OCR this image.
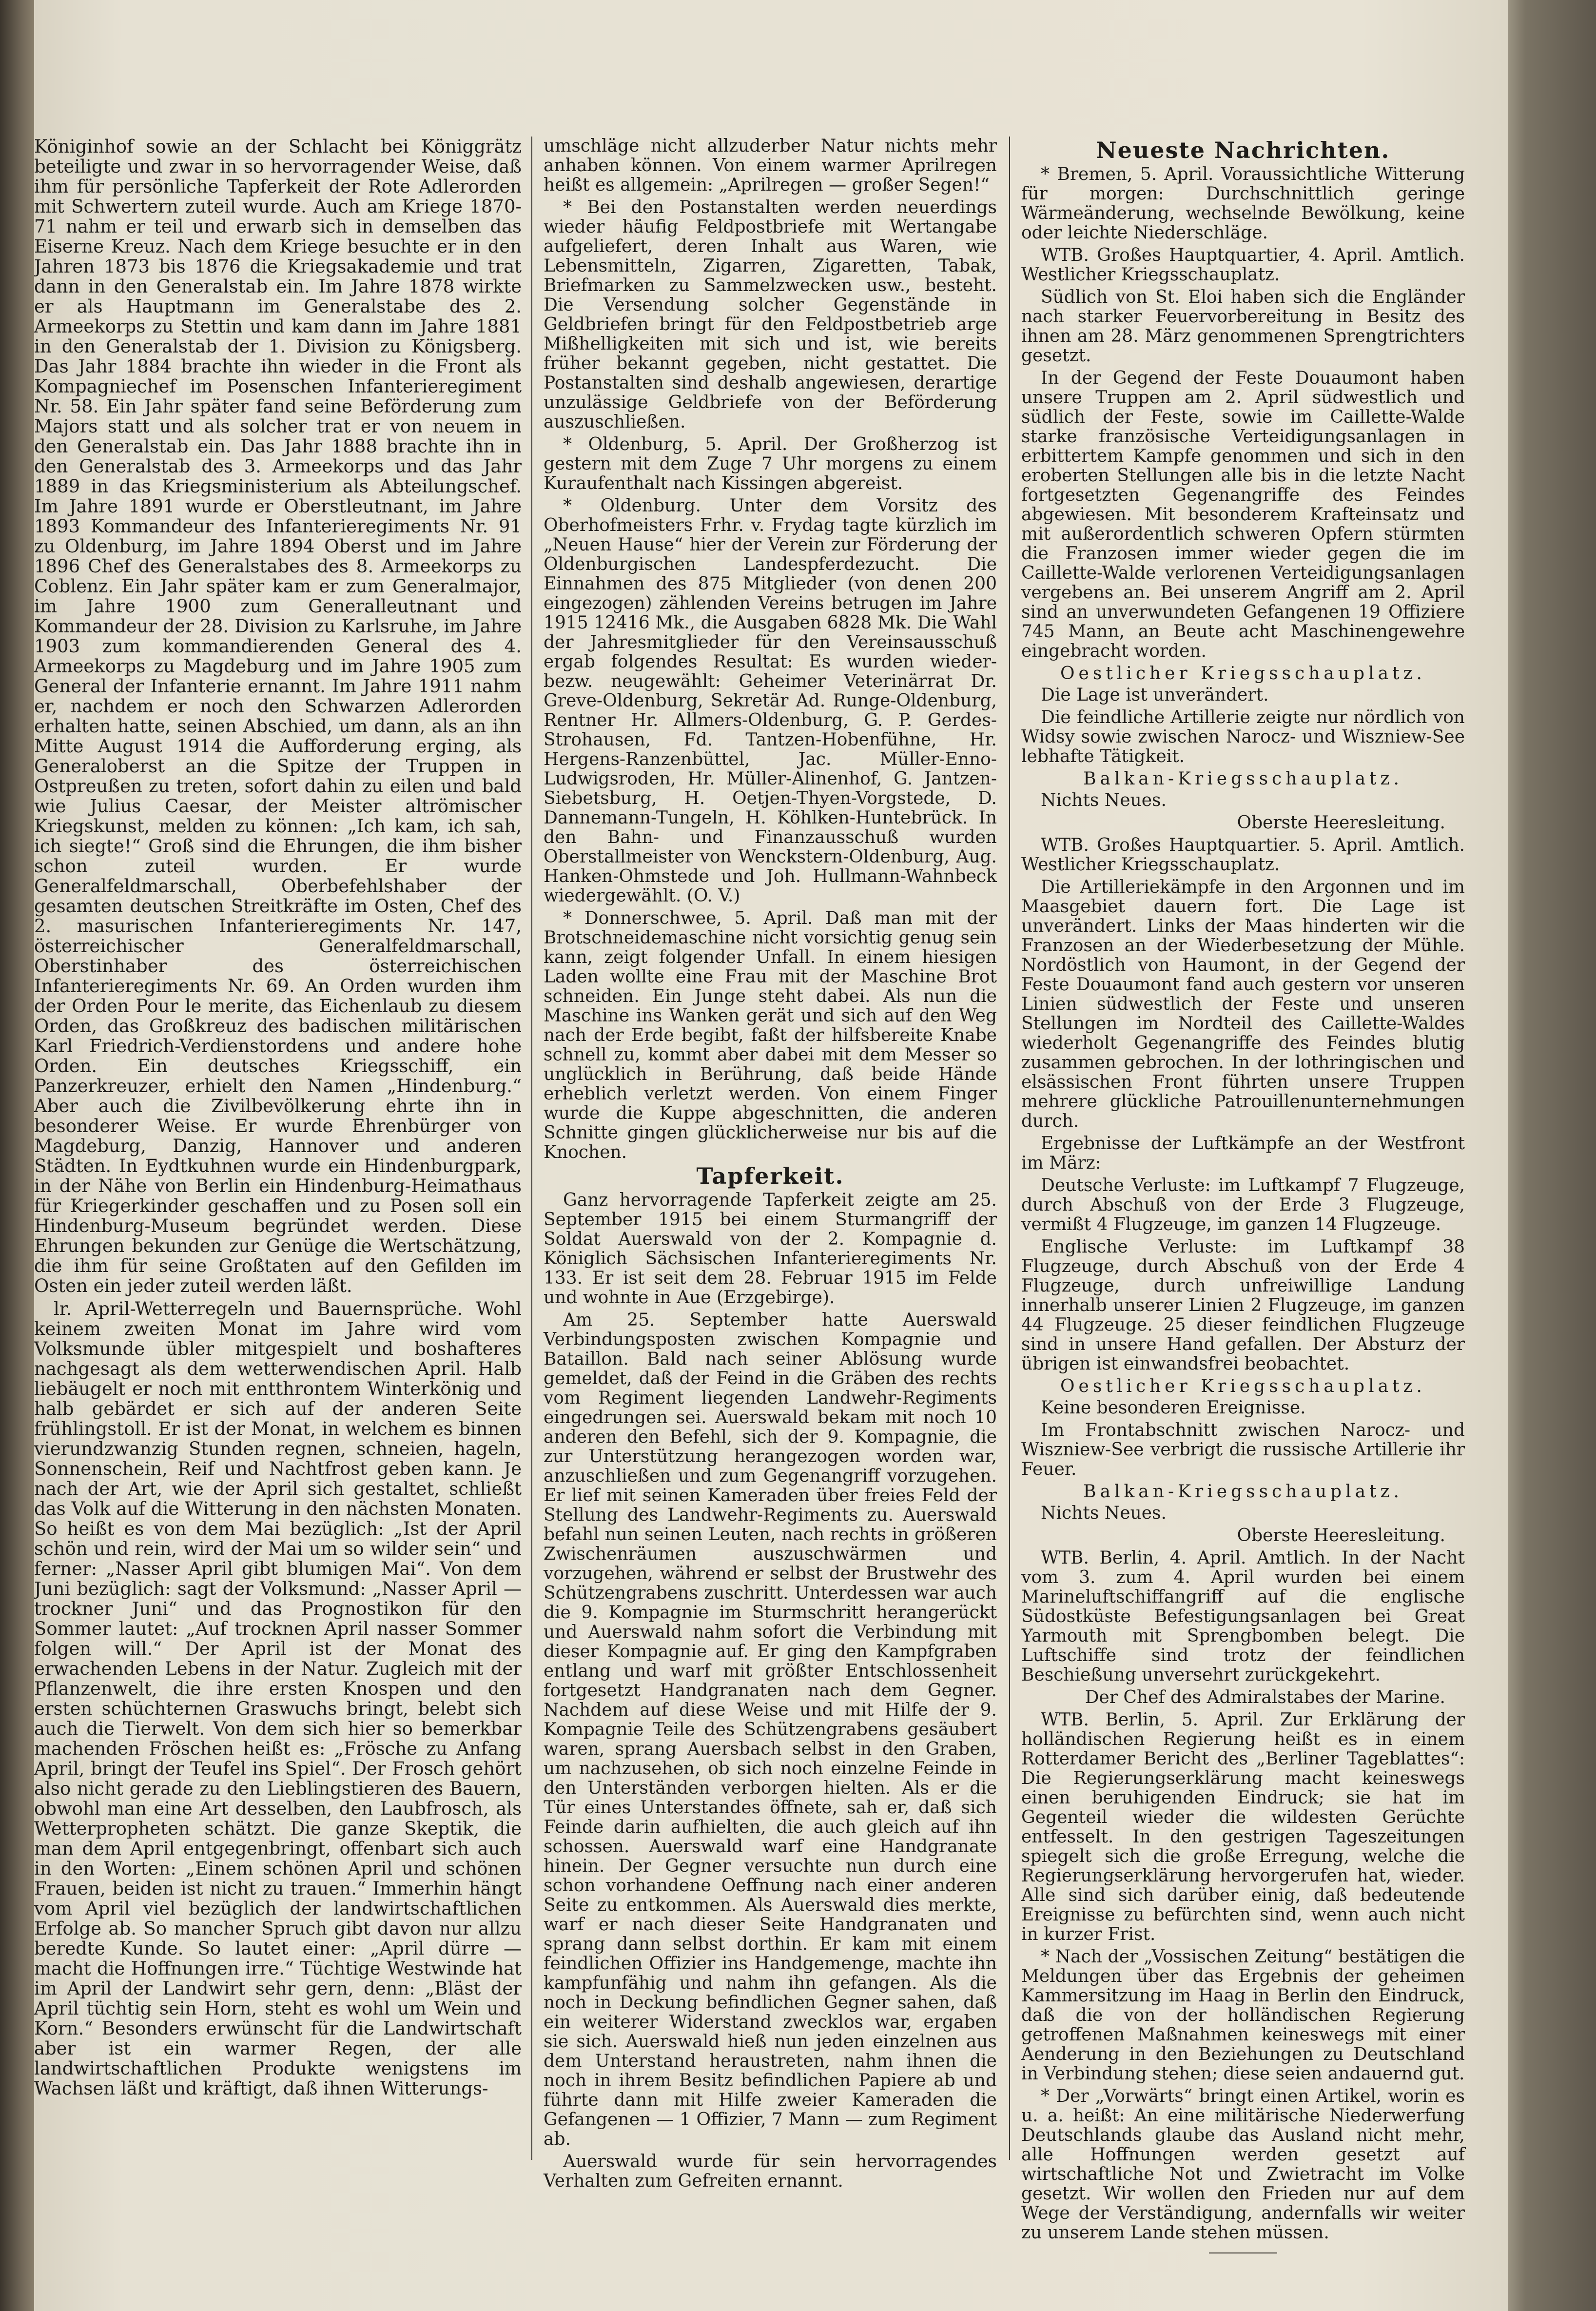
Königinhof sowie an der Schlacht bei Königgrätz beteiligte und zwar in so hervorragender Weise, daß ihm für persönliche Tapferkeit der Rote Adlerorden mit Schwertern zuteil wurde. Auch am Kriege 1870-71 nahm er teil und erwarb sich in demselben das Eiserne Kreuz. Nach dem Kriege besuchte er in den Jahren 1873 bis 1876 die Kriegsakademie und trat dann in den Generalstab ein. Im Jahre 1878 wirkte er als Hauptmann im Generalstabe des 2. Armeekorps zu Stettin und kam dann im Jahre 1881 in den Generalstab der 1. Division zu Königsberg. Das Jahr 1884 brachte ihn wieder in die Front als Kompagniechef im Posenschen Infanterieregiment Nr. 58. Ein Jahr später fand seine Beförderung zum Majors statt und als solcher trat er von neuem in den Generalstab ein. Das Jahr 1888 brachte ihn in den Generalstab des 3. Armeekorps und das Jahr 1889 in das Kriegsministerium als Abteilungschef. Im Jahre 1891 wurde er Oberstleutnant, im Jahre 1893 Kommandeur des Infanterieregiments Nr. 91 zu Oldenburg, im Jahre 1894 Oberst und im Jahre 1896 Chef des Generalstabes des 8. Armeekorps zu Coblenz. Ein Jahr später kam er zum Generalmajor, im Jahre 1900 zum Generalleutnant und Kommandeur der 28. Division zu Karlsruhe, im Jahre 1903 zum kommandierenden General des 4. Armeekorps zu Magdeburg und im Jahre 1905 zum General der Infanterie ernannt. Im Jahre 1911 nahm er, nachdem er noch den Schwarzen Adlerorden erhalten hatte, seinen Abschied, um dann, als an ihn Mitte August 1914 die Aufforderung erging, als Generaloberst an die Spitze der Truppen in Ostpreußen zu treten, sofort dahin zu eilen und bald wie Julius Caesar, der Meister altrömischer Kriegskunst, melden zu können: „Ich kam, ich sah, ich siegte!“ Groß sind die Ehrungen, die ihm bisher schon zuteil wurden. Er wurde Generalfeldmarschall, Oberbefehlshaber der gesamten deutschen Streitkräfte im Osten, Chef des 2. masurischen Infanterieregiments Nr. 147, österreichischer Generalfeldmarschall, Oberstinhaber des österreichischen Infanterieregiments Nr. 69. An Orden wurden ihm der Orden Pour le merite, das Eichenlaub zu diesem Orden, das Großkreuz des badischen militärischen Karl Friedrich-Verdienstordens und andere hohe Orden. Ein deutsches Kriegsschiff, ein Panzerkreuzer, erhielt den Namen „Hindenburg.“ Aber auch die Zivilbevölkerung ehrte ihn in besonderer Weise. Er wurde Ehrenbürger von Magdeburg, Danzig, Hannover und anderen Städten. In Eydtkuhnen wurde ein Hindenburgpark, in der Nähe von Berlin ein Hindenburg-Heimathaus für Kriegerkinder geschaffen und zu Posen soll ein Hindenburg-Museum begründet werden. Diese Ehrungen bekunden zur Genüge die Wertschätzung, die ihm für seine Großtaten auf den Gefilden im Osten ein jeder zuteil werden läßt.

lr. April-Wetterregeln und Bauernsprüche. Wohl keinem zweiten Monat im Jahre wird vom Volksmunde übler mitgespielt und boshafteres nachgesagt als dem wetterwendischen April. Halb liebäugelt er noch mit entthrontem Winterkönig und halb gebärdet er sich auf der anderen Seite frühlingstoll. Er ist der Monat, in welchem es binnen vierundzwanzig Stunden regnen, schneien, hageln, Sonnenschein, Reif und Nachtfrost geben kann. Je nach der Art, wie der April sich gestaltet, schließt das Volk auf die Witterung in den nächsten Monaten. So heißt es von dem Mai bezüglich: „Ist der April schön und rein, wird der Mai um so wilder sein“ und ferner: „Nasser April gibt blumigen Mai“. Von dem Juni bezüglich: sagt der Volksmund: „Nasser April — trockner Juni“ und das Prognostikon für den Sommer lautet: „Auf trocknen April nasser Sommer folgen will.“ Der April ist der Monat des erwachenden Lebens in der Natur. Zugleich mit der Pflanzenwelt, die ihre ersten Knospen und den ersten schüchternen Graswuchs bringt, belebt sich auch die Tierwelt. Von dem sich hier so bemerkbar machenden Fröschen heißt es: „Frösche zu Anfang April, bringt der Teufel ins Spiel“. Der Frosch gehört also nicht gerade zu den Lieblingstieren des Bauern, obwohl man eine Art desselben, den Laubfrosch, als Wetterpropheten schätzt. Die ganze Skeptik, die man dem April entgegenbringt, offenbart sich auch in den Worten: „Einem schönen April und schönen Frauen, beiden ist nicht zu trauen.“ Immerhin hängt vom April viel bezüglich der landwirtschaftlichen Erfolge ab. So mancher Spruch gibt davon nur allzu beredte Kunde. So lautet einer: „April dürre — macht die Hoffnungen irre.“ Tüchtige Westwinde hat im April der Landwirt sehr gern, denn: „Bläst der April tüchtig sein Horn, steht es wohl um Wein und Korn.“ Besonders erwünscht für die Landwirtschaft aber ist ein warmer Regen, der alle landwirtschaftlichen Produkte wenigstens im Wachsen läßt und kräftigt, daß ihnen Witterungs-

umschläge nicht allzuderber Natur nichts mehr anhaben können. Von einem warmer Aprilregen heißt es allgemein: „Aprilregen — großer Segen!“

* Bei den Postanstalten werden neuerdings wieder häufig Feldpostbriefe mit Wertangabe aufgeliefert, deren Inhalt aus Waren, wie Lebensmitteln, Zigarren, Zigaretten, Tabak, Briefmarken zu Sammelzwecken usw., besteht. Die Versendung solcher Gegenstände in Geldbriefen bringt für den Feldpostbetrieb arge Mißhelligkeiten mit sich und ist, wie bereits früher bekannt gegeben, nicht gestattet. Die Postanstalten sind deshalb angewiesen, derartige unzulässige Geldbriefe von der Beförderung auszuschließen.

* Oldenburg, 5. April. Der Großherzog ist gestern mit dem Zuge 7 Uhr morgens zu einem Kuraufenthalt nach Kissingen abgereist.

* Oldenburg. Unter dem Vorsitz des Oberhofmeisters Frhr. v. Frydag tagte kürzlich im „Neuen Hause“ hier der Verein zur Förderung der Oldenburgischen Landespferdezucht. Die Einnahmen des 875 Mitglieder (von denen 200 eingezogen) zählenden Vereins betrugen im Jahre 1915 12416 Mk., die Ausgaben 6828 Mk. Die Wahl der Jahresmitglieder für den Vereinsausschuß ergab folgendes Resultat: Es wurden wieder- bezw. neugewählt: Geheimer Veterinärrat Dr. Greve-Oldenburg, Sekretär Ad. Runge-Oldenburg, Rentner Hr. Allmers-Oldenburg, G. P. Gerdes-Strohausen, Fd. Tantzen-Hobenfühne, Hr. Hergens-Ranzenbüttel, Jac. Müller-Enno-Ludwigsroden, Hr. Müller-Alinenhof, G. Jantzen-Siebetsburg, H. Oetjen-Thyen-Vorgstede, D. Dannemann-Tungeln, H. Köhlken-Huntebrück. In den Bahn- und Finanzausschuß wurden Oberstallmeister von Wenckstern-Oldenburg, Aug. Hanken-Ohmstede und Joh. Hullmann-Wahnbeck wiedergewählt. (O. V.)

* Donnerschwee, 5. April. Daß man mit der Brotschneidemaschine nicht vorsichtig genug sein kann, zeigt folgender Unfall. In einem hiesigen Laden wollte eine Frau mit der Maschine Brot schneiden. Ein Junge steht dabei. Als nun die Maschine ins Wanken gerät und sich auf den Weg nach der Erde begibt, faßt der hilfsbereite Knabe schnell zu, kommt aber dabei mit dem Messer so unglücklich in Berührung, daß beide Hände erheblich verletzt werden. Von einem Finger wurde die Kuppe abgeschnitten, die anderen Schnitte gingen glücklicherweise nur bis auf die Knochen.

Tapferkeit.

Ganz hervorragende Tapferkeit zeigte am 25. September 1915 bei einem Sturmangriff der Soldat Auerswald von der 2. Kompagnie d. Königlich Sächsischen Infanterieregiments Nr. 133. Er ist seit dem 28. Februar 1915 im Felde und wohnte in Aue (Erzgebirge).

Am 25. September hatte Auerswald Verbindungsposten zwischen Kompagnie und Bataillon. Bald nach seiner Ablösung wurde gemeldet, daß der Feind in die Gräben des rechts vom Regiment liegenden Landwehr-Regiments eingedrungen sei. Auerswald bekam mit noch 10 anderen den Befehl, sich der 9. Kompagnie, die zur Unterstützung herangezogen worden war, anzuschließen und zum Gegenangriff vorzugehen. Er lief mit seinen Kameraden über freies Feld der Stellung des Landwehr-Regiments zu. Auerswald befahl nun seinen Leuten, nach rechts in größeren Zwischenräumen auszuschwärmen und vorzugehen, während er selbst der Brustwehr des Schützengrabens zuschritt. Unterdessen war auch die 9. Kompagnie im Sturmschritt herangerückt und Auerswald nahm sofort die Verbindung mit dieser Kompagnie auf. Er ging den Kampfgraben entlang und warf mit größter Entschlossenheit fortgesetzt Handgranaten nach dem Gegner. Nachdem auf diese Weise und mit Hilfe der 9. Kompagnie Teile des Schützengrabens gesäubert waren, sprang Auersbach selbst in den Graben, um nachzusehen, ob sich noch einzelne Feinde in den Unterständen verborgen hielten. Als er die Tür eines Unterstandes öffnete, sah er, daß sich Feinde darin aufhielten, die auch gleich auf ihn schossen. Auerswald warf eine Handgranate hinein. Der Gegner versuchte nun durch eine schon vorhandene Oeffnung nach einer anderen Seite zu entkommen. Als Auerswald dies merkte, warf er nach dieser Seite Handgranaten und sprang dann selbst dorthin. Er kam mit einem feindlichen Offizier ins Handgemenge, machte ihn kampfunfähig und nahm ihn gefangen. Als die noch in Deckung befindlichen Gegner sahen, daß ein weiterer Widerstand zwecklos war, ergaben sie sich. Auerswald hieß nun jeden einzelnen aus dem Unterstand heraustreten, nahm ihnen die noch in ihrem Besitz befindlichen Papiere ab und führte dann mit Hilfe zweier Kameraden die Gefangenen — 1 Offizier, 7 Mann — zum Regiment ab.

Auerswald wurde für sein hervorragendes Verhalten zum Gefreiten ernannt.

Neueste Nachrichten.

* Bremen, 5. April. Voraussichtliche Witterung für morgen: Durchschnittlich geringe Wärmeänderung, wechselnde Bewölkung, keine oder leichte Niederschläge.

WTB. Großes Hauptquartier, 4. April. Amtlich. Westlicher Kriegsschauplatz.

Südlich von St. Eloi haben sich die Engländer nach starker Feuervorbereitung in Besitz des ihnen am 28. März genommenen Sprengtrichters gesetzt.

In der Gegend der Feste Douaumont haben unsere Truppen am 2. April südwestlich und südlich der Feste, sowie im Caillette-Walde starke französische Verteidigungsanlagen in erbittertem Kampfe genommen und sich in den eroberten Stellungen alle bis in die letzte Nacht fortgesetzten Gegenangriffe des Feindes abgewiesen. Mit besonderem Krafteinsatz und mit außerordentlich schweren Opfern stürmten die Franzosen immer wieder gegen die im Caillette-Walde verlorenen Verteidigungsanlagen vergebens an. Bei unserem Angriff am 2. April sind an unverwundeten Gefangenen 19 Offiziere 745 Mann, an Beute acht Maschinengewehre eingebracht worden.

Oestlicher Kriegsschauplatz.

Die Lage ist unverändert.

Die feindliche Artillerie zeigte nur nördlich von Widsy sowie zwischen Narocz- und Wiszniew-See lebhafte Tätigkeit.

Balkan-Kriegsschauplatz.

Nichts Neues.

Oberste Heeresleitung.

WTB. Großes Hauptquartier. 5. April. Amtlich. Westlicher Kriegsschauplatz.

Die Artilleriekämpfe in den Argonnen und im Maasgebiet dauern fort. Die Lage ist unverändert. Links der Maas hinderten wir die Franzosen an der Wiederbesetzung der Mühle. Nordöstlich von Haumont, in der Gegend der Feste Douaumont fand auch gestern vor unseren Linien südwestlich der Feste und unseren Stellungen im Nordteil des Caillette-Waldes wiederholt Gegenangriffe des Feindes blutig zusammen gebrochen. In der lothringischen und elsässischen Front führten unsere Truppen mehrere glückliche Patrouillenunternehmungen durch.

Ergebnisse der Luftkämpfe an der Westfront im März:

Deutsche Verluste: im Luftkampf 7 Flugzeuge, durch Abschuß von der Erde 3 Flugzeuge, vermißt 4 Flugzeuge, im ganzen 14 Flugzeuge.

Englische Verluste: im Luftkampf 38 Flugzeuge, durch Abschuß von der Erde 4 Flugzeuge, durch unfreiwillige Landung innerhalb unserer Linien 2 Flugzeuge, im ganzen 44 Flugzeuge. 25 dieser feindlichen Flugzeuge sind in unsere Hand gefallen. Der Absturz der übrigen ist einwandsfrei beobachtet.

Oestlicher Kriegsschauplatz.

Keine besonderen Ereignisse.

Im Frontabschnitt zwischen Narocz- und Wiszniew-See verbrigt die russische Artillerie ihr Feuer.

Balkan-Kriegsschauplatz.

Nichts Neues.

Oberste Heeresleitung.

WTB. Berlin, 4. April. Amtlich. In der Nacht vom 3. zum 4. April wurden bei einem Marineluftschiffangriff auf die englische Südostküste Befestigungsanlagen bei Great Yarmouth mit Sprengbomben belegt. Die Luftschiffe sind trotz der feindlichen Beschießung unversehrt zurückgekehrt.

Der Chef des Admiralstabes der Marine.

WTB. Berlin, 5. April. Zur Erklärung der holländischen Regierung heißt es in einem Rotterdamer Bericht des „Berliner Tageblattes“: Die Regierungserklärung macht keineswegs einen beruhigenden Eindruck; sie hat im Gegenteil wieder die wildesten Gerüchte entfesselt. In den gestrigen Tageszeitungen spiegelt sich die große Erregung, welche die Regierungserklärung hervorgerufen hat, wieder. Alle sind sich darüber einig, daß bedeutende Ereignisse zu befürchten sind, wenn auch nicht in kurzer Frist.

* Nach der „Vossischen Zeitung“ bestätigen die Meldungen über das Ergebnis der geheimen Kammersitzung im Haag in Berlin den Eindruck, daß die von der holländischen Regierung getroffenen Maßnahmen keineswegs mit einer Aenderung in den Beziehungen zu Deutschland in Verbindung stehen; diese seien andauernd gut.

* Der „Vorwärts“ bringt einen Artikel, worin es u. a. heißt: An eine militärische Niederwerfung Deutschlands glaube das Ausland nicht mehr, alle Hoffnungen werden gesetzt auf wirtschaftliche Not und Zwietracht im Volke gesetzt. Wir wollen den Frieden nur auf dem Wege der Verständigung, andernfalls wir weiter zu unserem Lande stehen müssen.
